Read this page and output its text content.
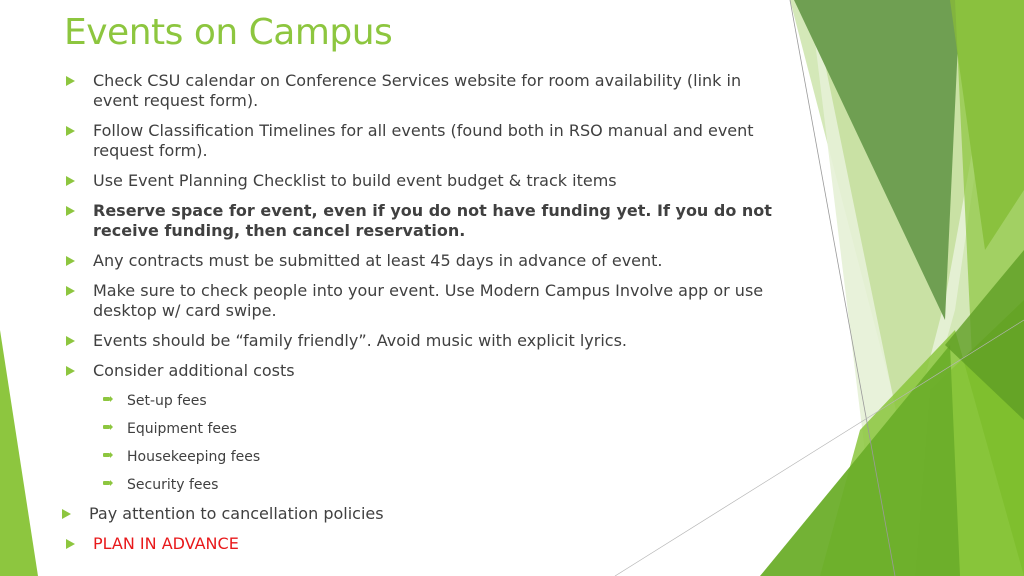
Events on Campus
Check CSU calendar on Conference Services website for room availability (link in event request form).
Follow Classification Timelines for all events (found both in RSO manual and event request form).
Use Event Planning Checklist to build event budget & track items
Reserve space for event, even if you do not have funding yet. If you do not receive funding, then cancel reservation.
Any contracts must be submitted at least 45 days in advance of event.
Make sure to check people into your event. Use Modern Campus Involve app or use desktop w/ card swipe.
Events should be “family friendly”. Avoid music with explicit lyrics.
Consider additional costs
Set-up fees
Equipment fees
Housekeeping fees
Security fees
Pay attention to cancellation policies
PLAN IN ADVANCE
